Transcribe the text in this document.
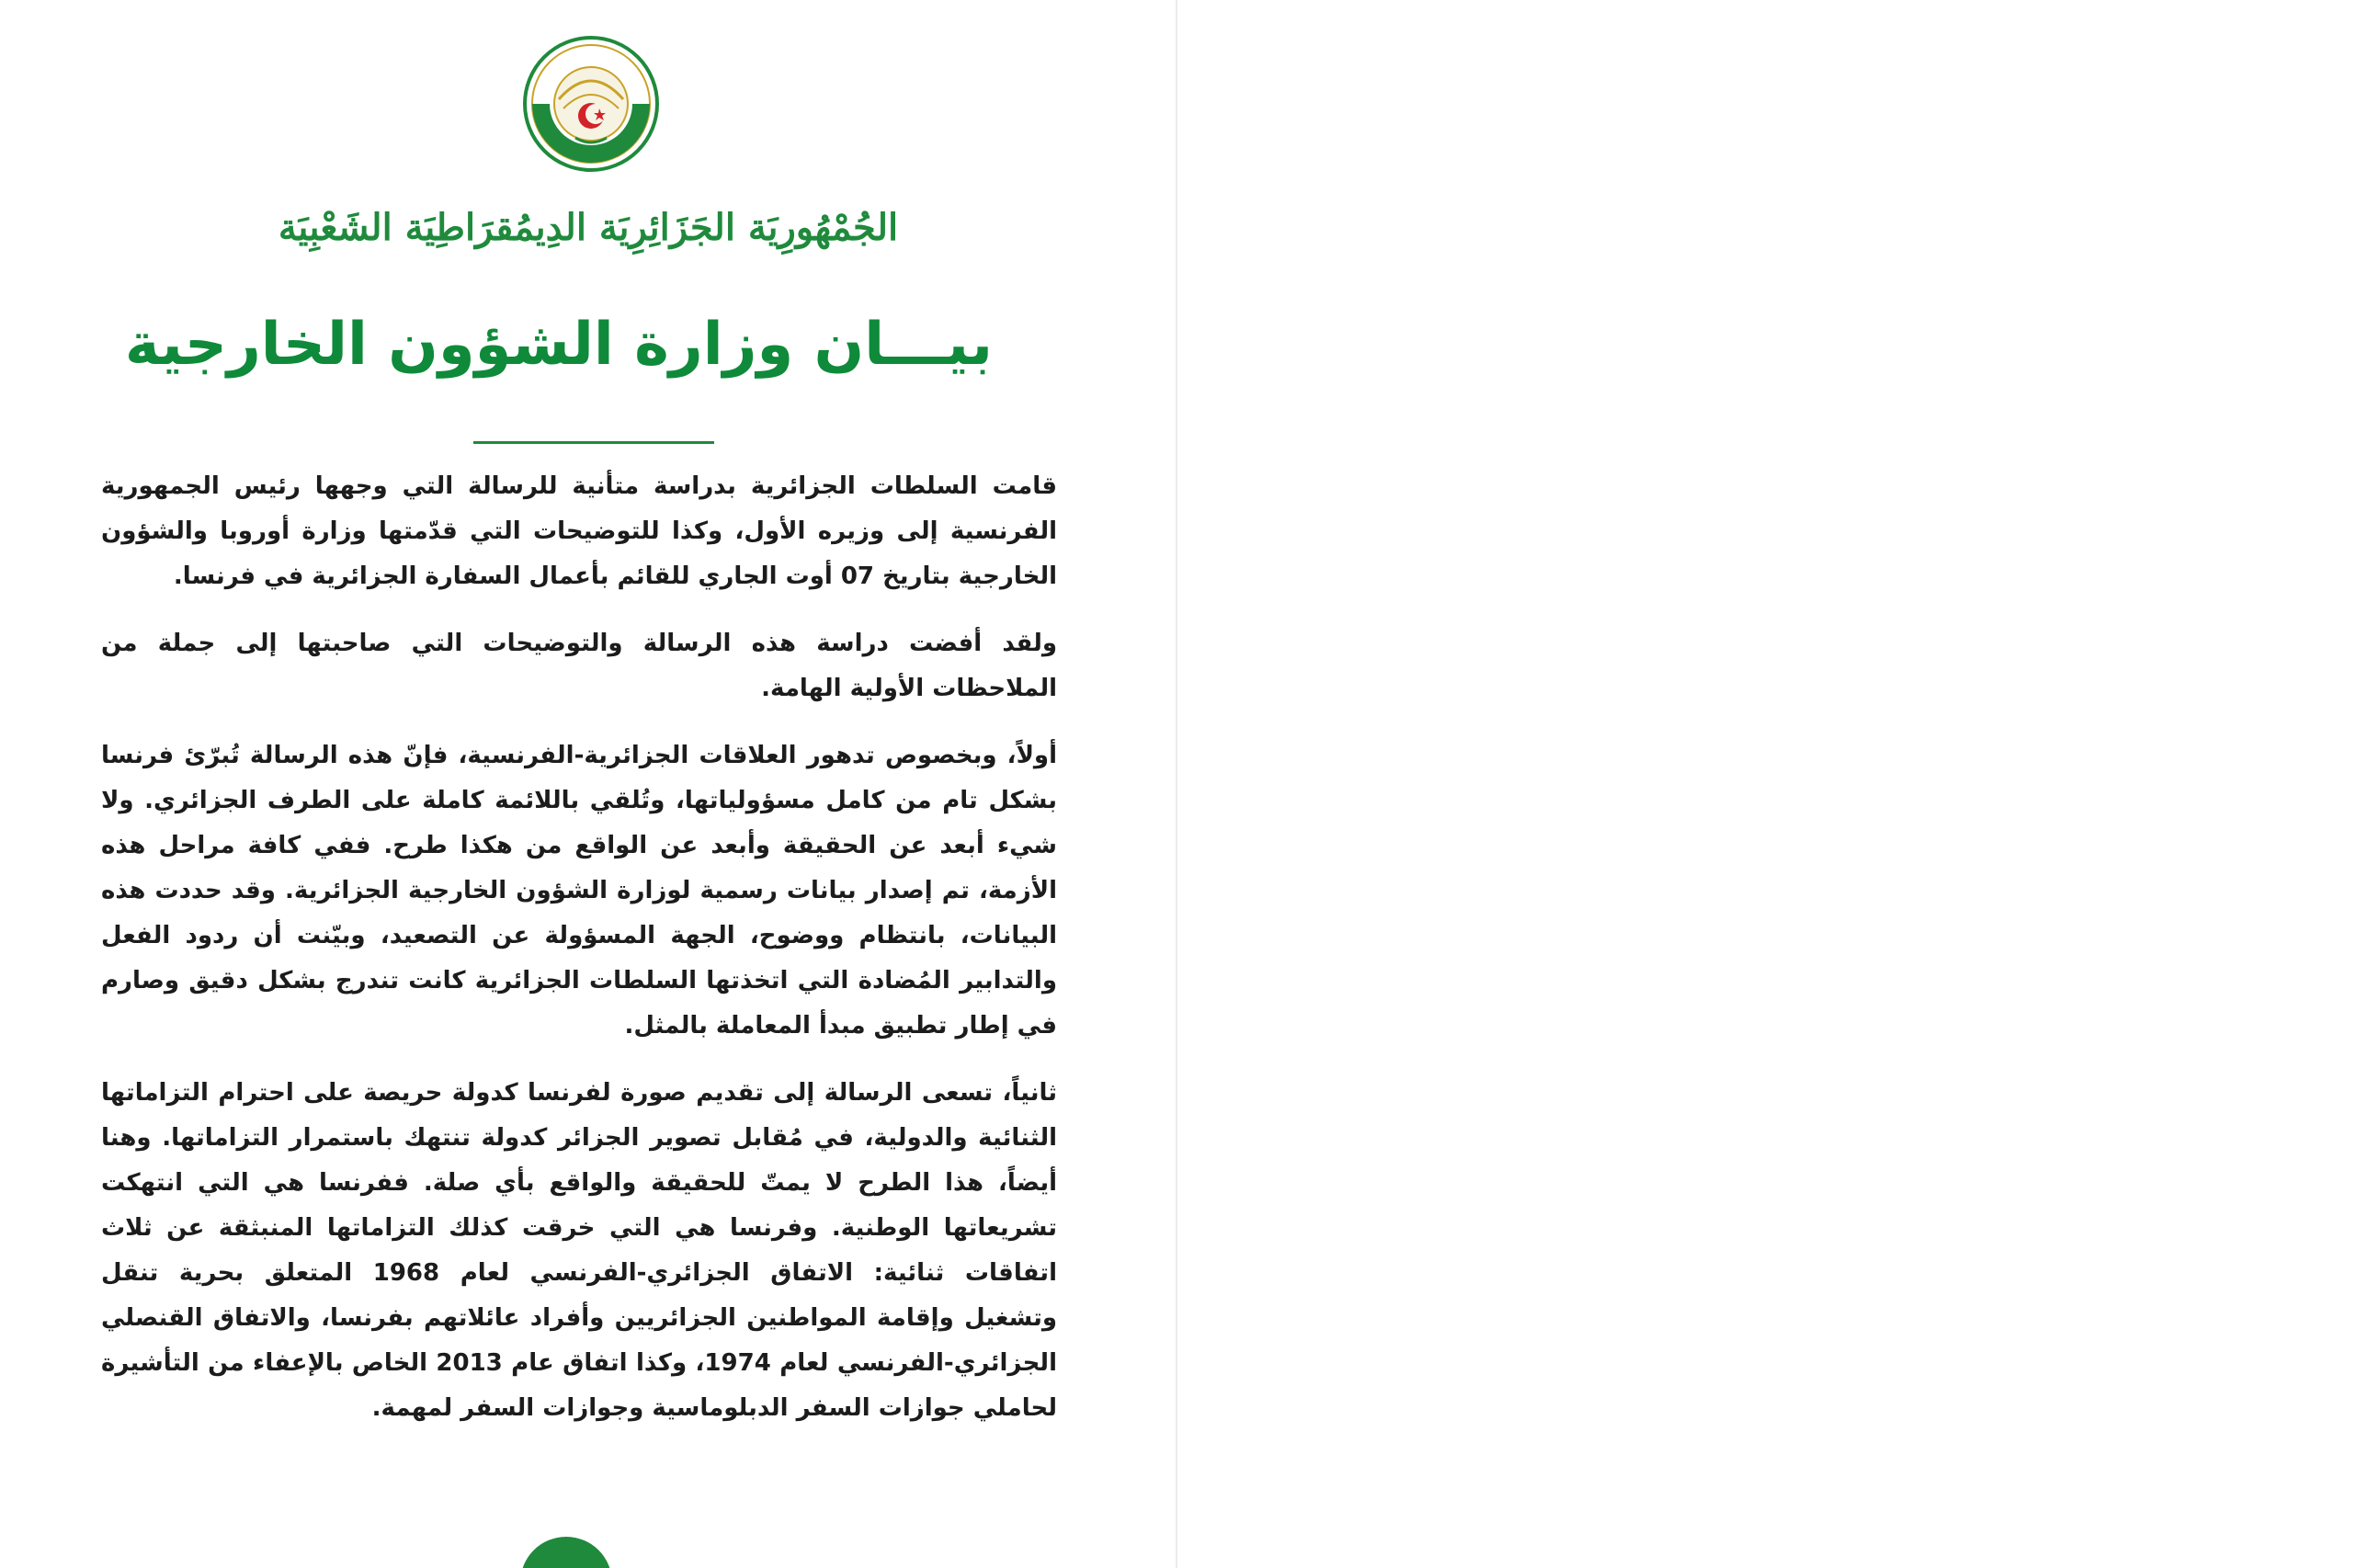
الجُمْهُورِيَة الجَزَائِرِيَة الدِيمُقرَاطِيَة الشَعْبِيَة
بيـــان وزارة الشؤون الخارجية

قامت السلطات الجزائرية بدراسة متأنية للرسالة التي وجهها رئيس الجمهورية الفرنسية إلى وزيره الأول، وكذا للتوضيحات التي قدّمتها وزارة أوروبا والشؤون الخارجية بتاريخ 07 أوت الجاري للقائم بأعمال السفارة الجزائرية في فرنسا.

ولقد أفضت دراسة هذه الرسالة والتوضيحات التي صاحبتها إلى جملة من الملاحظات الأولية الهامة.

أولاً، وبخصوص تدهور العلاقات الجزائرية-الفرنسية، فإنّ هذه الرسالة تُبرّئ فرنسا بشكل تام من كامل مسؤولياتها، وتُلقي باللائمة كاملة على الطرف الجزائري. ولا شيء أبعد عن الحقيقة وأبعد عن الواقع من هكذا طرح. ففي كافة مراحل هذه الأزمة، تم إصدار بيانات رسمية لوزارة الشؤون الخارجية الجزائرية. وقد حددت هذه البيانات، بانتظام ووضوح، الجهة المسؤولة عن التصعيد، وبيّنت أن ردود الفعل والتدابير المُضادة التي اتخذتها السلطات الجزائرية كانت تندرج بشكل دقيق وصارم في إطار تطبيق مبدأ المعاملة بالمثل.

ثانياً، تسعى الرسالة إلى تقديم صورة لفرنسا كدولة حريصة على احترام التزاماتها الثنائية والدولية، في مُقابل تصوير الجزائر كدولة تنتهك باستمرار التزاماتها. وهنا أيضاً، هذا الطرح لا يمتّ للحقيقة والواقع بأي صلة. ففرنسا هي التي انتهكت تشريعاتها الوطنية. وفرنسا هي التي خرقت كذلك التزاماتها المنبثقة عن ثلاث اتفاقات ثنائية: الاتفاق الجزائري-الفرنسي لعام 1968 المتعلق بحرية تنقل وتشغيل وإقامة المواطنين الجزائريين وأفراد عائلاتهم بفرنسا، والاتفاق القنصلي الجزائري-الفرنسي لعام 1974، وكذا اتفاق عام 2013 الخاص بالإعفاء من التأشيرة لحاملي جوازات السفر الدبلوماسية وجوازات السفر لمهمة.
